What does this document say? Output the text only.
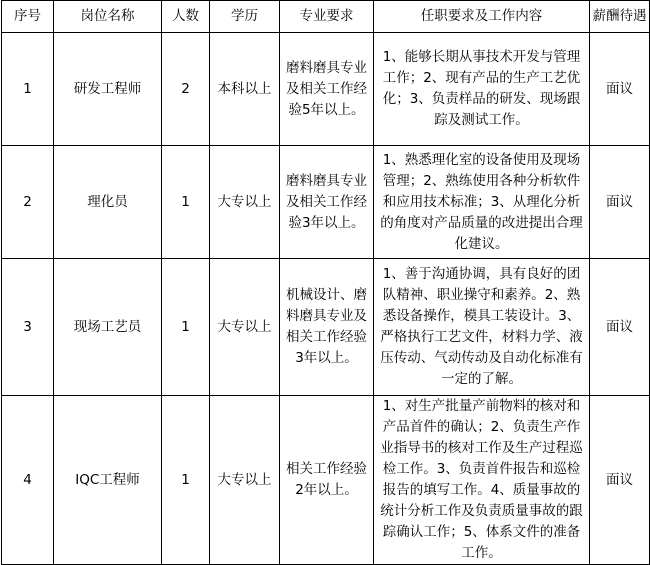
序号	岗位名称	人数	学历	专业要求	任职要求及工作内容	薪酬待遇
1	研发工程师	2	本科以上	磨料磨具专业及相关工作经验5年以上。	1、能够长期从事技术开发与管理工作；2、现有产品的生产工艺优化；3、负责样品的研发、现场跟踪及测试工作。	面议
2	理化员	1	大专以上	磨料磨具专业及相关工作经验3年以上。	1、熟悉理化室的设备使用及现场管理；2、熟练使用各种分析软件和应用技术标准；3、从理化分析的角度对产品质量的改进提出合理化建议。	面议
3	现场工艺员	1	大专以上	机械设计、磨料磨具专业及相关工作经验3年以上。	1、善于沟通协调，具有良好的团队精神、职业操守和素养。2、熟悉设备操作，模具工装设计。3、严格执行工艺文件，材料力学、液压传动、气动传动及自动化标准有一定的了解。	面议
4	IQC工程师	1	大专以上	相关工作经验2年以上。	1、对生产批量产前物料的核对和产品首件的确认；2、负责生产作业指导书的核对工作及生产过程巡检工作。3、负责首件报告和巡检报告的填写工作。4、质量事故的统计分析工作及负责质量事故的跟踪确认工作；5、体系文件的准备工作。	面议
